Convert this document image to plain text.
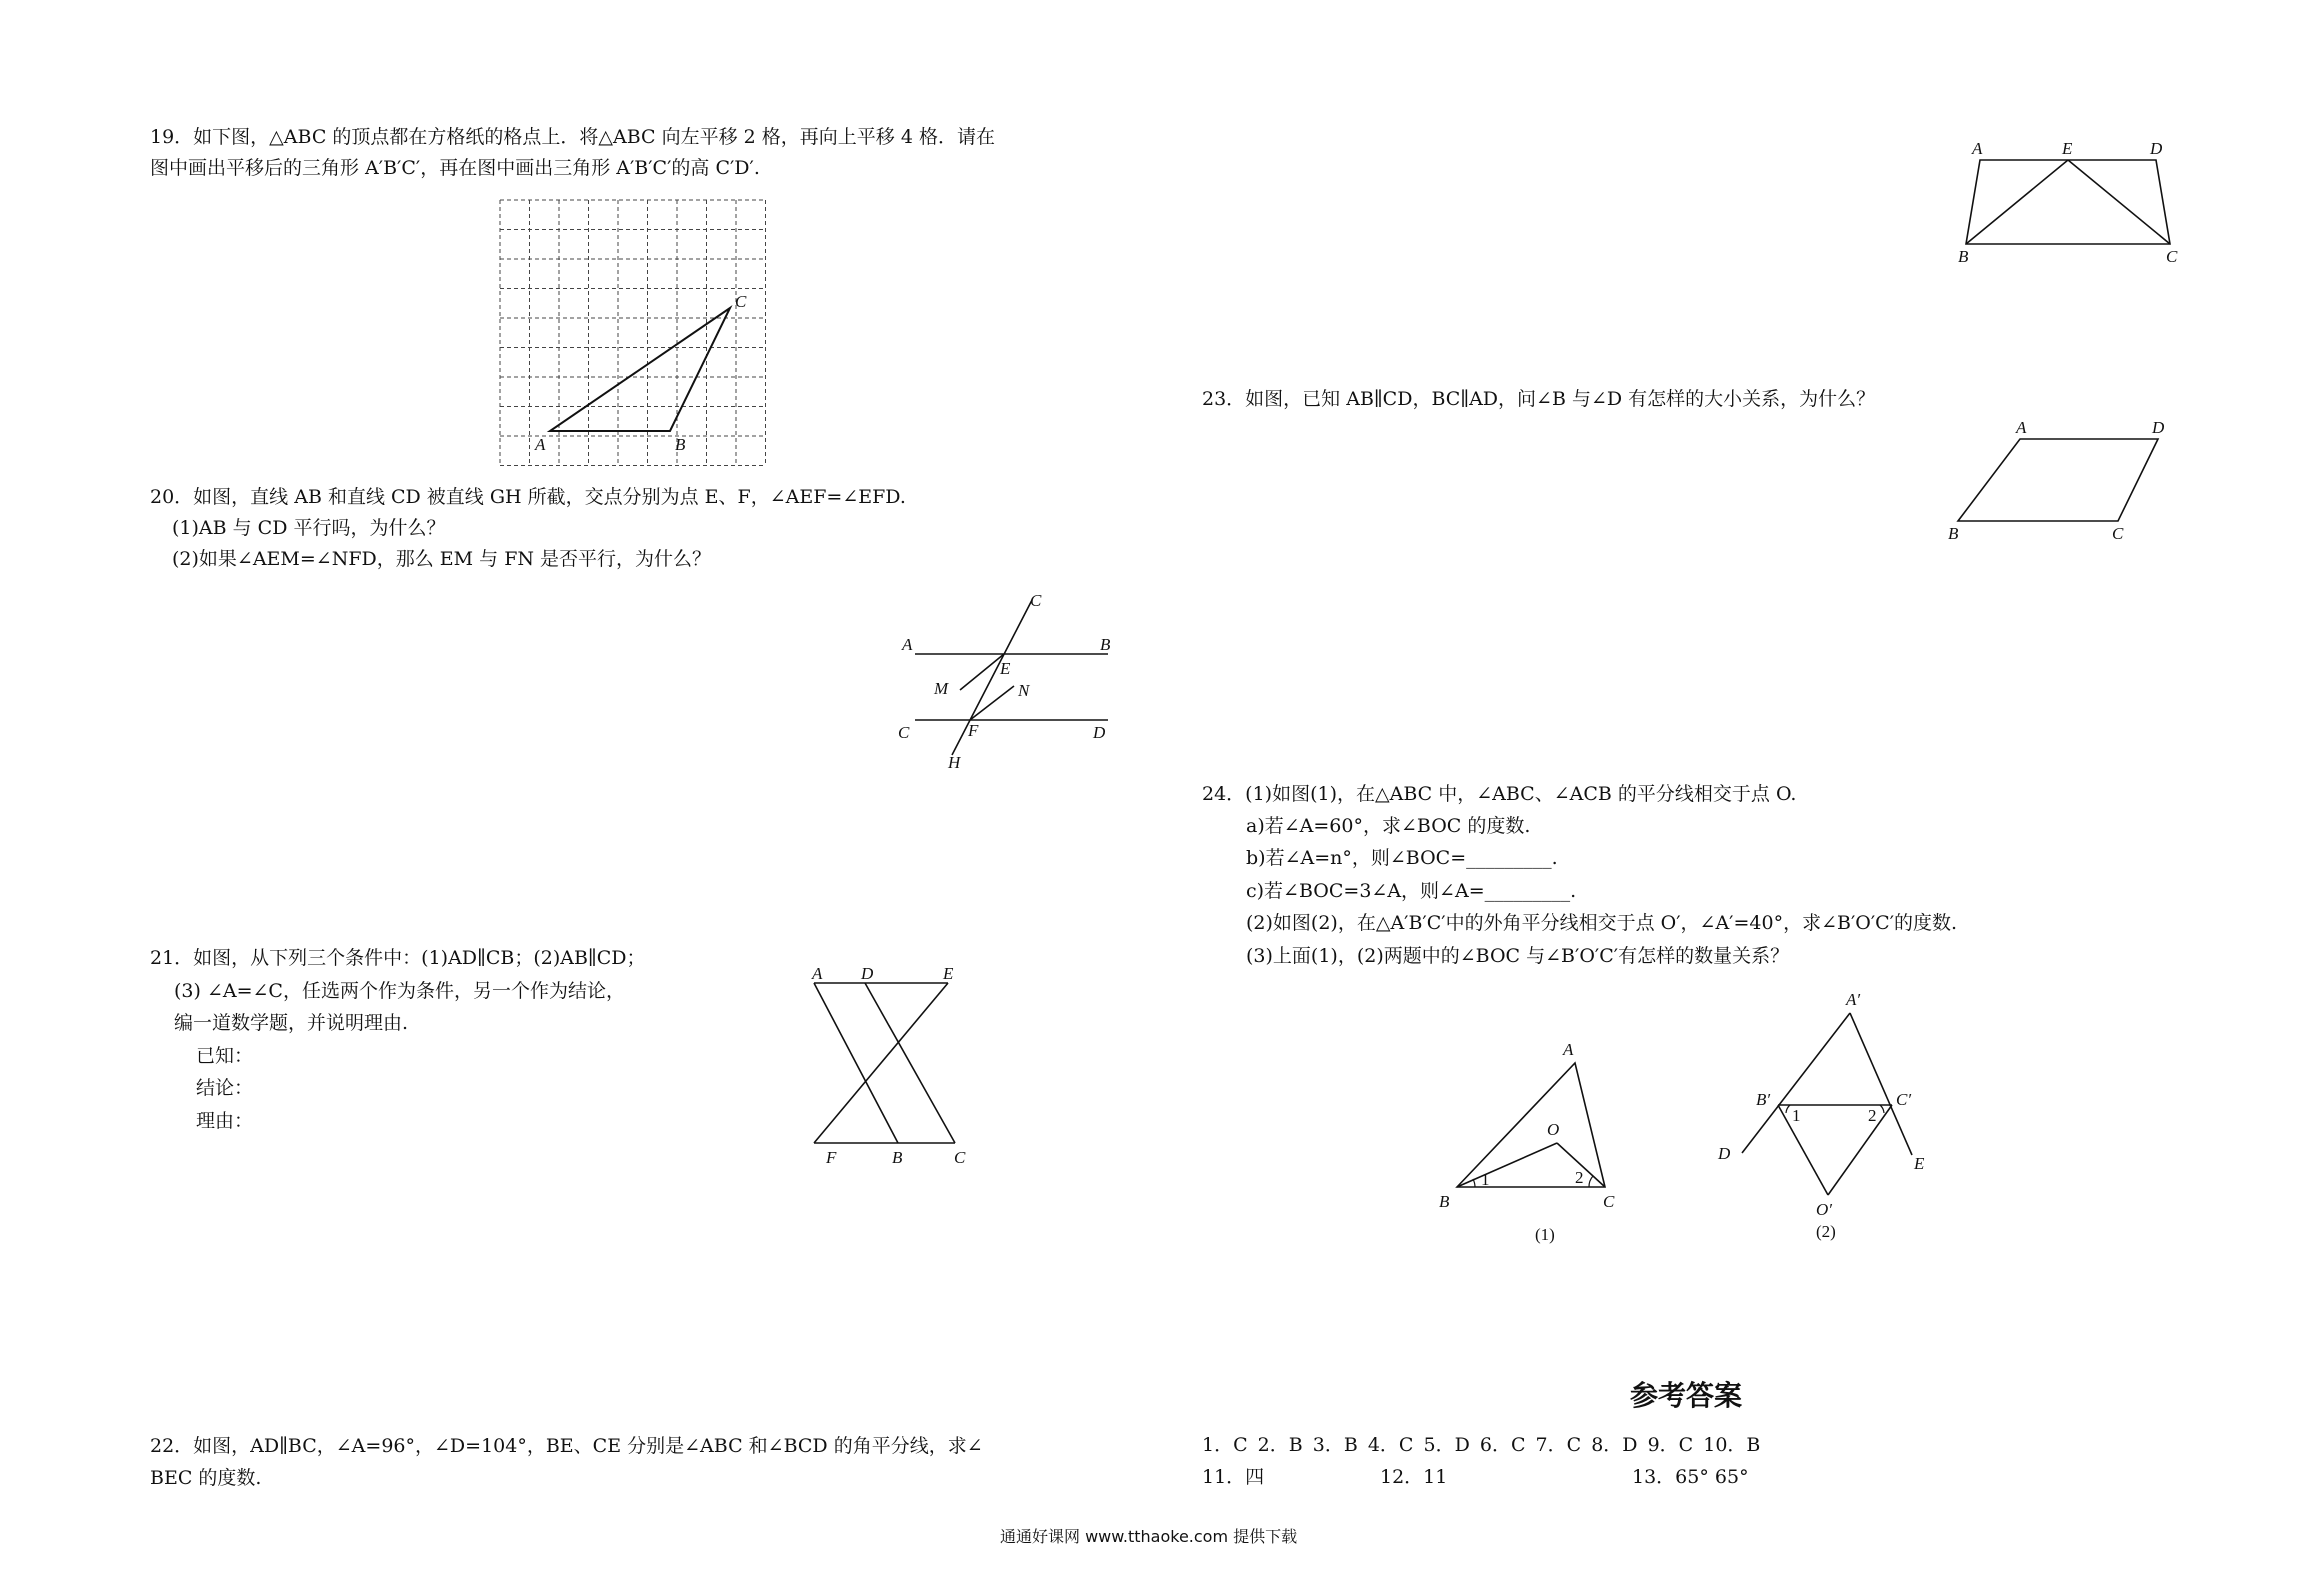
19．如下图，△ABC 的顶点都在方格纸的格点上．将△ABC 向左平移 2 格，再向上平移 4 格．请在
图中画出平移后的三角形 A′B′C′，再在图中画出三角形 A′B′C′的高 C′D′.
A	B
C
20．如图，直线 AB 和直线 CD 被直线 GH 所截，交点分别为点 E、F，∠AEF=∠EFD.
(1)AB 与 CD 平行吗，为什么？
(2)如果∠AEM=∠NFD，那么 EM 与 FN 是否平行，为什么？
C
A	B
E
M	N
C	F	D
H
21．如图，从下列三个条件中：(1)AD∥CB；(2)AB∥CD；
(3) ∠A=∠C，任选两个作为条件，另一个作为结论，
编一道数学题，并说明理由.
已知：
结论：
理由：
A D	E
F	B	C
22．如图，AD∥BC，∠A=96°，∠D=104°，BE、CE 分别是∠ABC 和∠BCD 的角平分线，求∠
BEC 的度数.
A	E	D
B	C
23．如图，已知 AB∥CD，BC∥AD，问∠B 与∠D 有怎样的大小关系，为什么？
A	D
B	C
24．(1)如图(1)，在△ABC 中，∠ABC、∠ACB 的平分线相交于点 O.
a)若∠A=60°，求∠BOC 的度数.
b)若∠A=n°，则∠BOC=_________.
c)若∠BOC=3∠A，则∠A=_________.
(2)如图(2)，在△A′B′C′中的外角平分线相交于点 O′，∠A′=40°，求∠B′O′C′的度数.
(3)上面(1)，(2)两题中的∠BOC 与∠B′O′C′有怎样的数量关系？
A
O
B	C
1	2
(1)
A′
B′	C′
D
E
O′
1	2
(2)
参考答案
1．C 2．B 3．B 4．C 5．D 6．C 7．C 8．D 9．C 10．B
11．四	12．11	13．65° 65°
通通好课网 www.tthaoke.com 提供下载
